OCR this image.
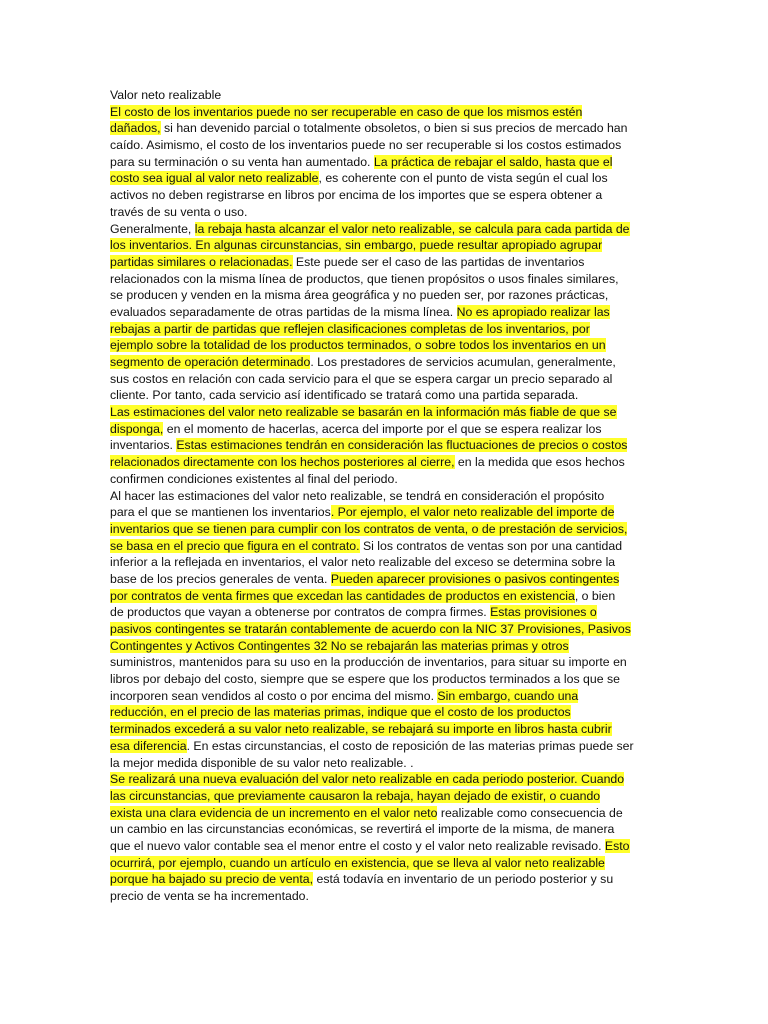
Valor neto realizable
El costo de los inventarios puede no ser recuperable en caso de que los mismos estén
dañados, si han devenido parcial o totalmente obsoletos, o bien si sus precios de mercado han
caído. Asimismo, el costo de los inventarios puede no ser recuperable si los costos estimados
para su terminación o su venta han aumentado. La práctica de rebajar el saldo, hasta que el
costo sea igual al valor neto realizable, es coherente con el punto de vista según el cual los
activos no deben registrarse en libros por encima de los importes que se espera obtener a
través de su venta o uso.
Generalmente, la rebaja hasta alcanzar el valor neto realizable, se calcula para cada partida de
los inventarios. En algunas circunstancias, sin embargo, puede resultar apropiado agrupar
partidas similares o relacionadas. Este puede ser el caso de las partidas de inventarios
relacionados con la misma línea de productos, que tienen propósitos o usos finales similares,
se producen y venden en la misma área geográfica y no pueden ser, por razones prácticas,
evaluados separadamente de otras partidas de la misma línea. No es apropiado realizar las
rebajas a partir de partidas que reflejen clasificaciones completas de los inventarios, por
ejemplo sobre la totalidad de los productos terminados, o sobre todos los inventarios en un
segmento de operación determinado. Los prestadores de servicios acumulan, generalmente,
sus costos en relación con cada servicio para el que se espera cargar un precio separado al
cliente. Por tanto, cada servicio así identificado se tratará como una partida separada.
Las estimaciones del valor neto realizable se basarán en la información más fiable de que se
disponga, en el momento de hacerlas, acerca del importe por el que se espera realizar los
inventarios. Estas estimaciones tendrán en consideración las fluctuaciones de precios o costos
relacionados directamente con los hechos posteriores al cierre, en la medida que esos hechos
confirmen condiciones existentes al final del periodo.
Al hacer las estimaciones del valor neto realizable, se tendrá en consideración el propósito
para el que se mantienen los inventarios. Por ejemplo, el valor neto realizable del importe de
inventarios que se tienen para cumplir con los contratos de venta, o de prestación de servicios,
se basa en el precio que figura en el contrato. Si los contratos de ventas son por una cantidad
inferior a la reflejada en inventarios, el valor neto realizable del exceso se determina sobre la
base de los precios generales de venta. Pueden aparecer provisiones o pasivos contingentes
por contratos de venta firmes que excedan las cantidades de productos en existencia, o bien
de productos que vayan a obtenerse por contratos de compra firmes. Estas provisiones o
pasivos contingentes se tratarán contablemente de acuerdo con la NIC 37 Provisiones, Pasivos
Contingentes y Activos Contingentes 32 No se rebajarán las materias primas y otros
suministros, mantenidos para su uso en la producción de inventarios, para situar su importe en
libros por debajo del costo, siempre que se espere que los productos terminados a los que se
incorporen sean vendidos al costo o por encima del mismo. Sin embargo, cuando una
reducción, en el precio de las materias primas, indique que el costo de los productos
terminados excederá a su valor neto realizable, se rebajará su importe en libros hasta cubrir
esa diferencia. En estas circunstancias, el costo de reposición de las materias primas puede ser
la mejor medida disponible de su valor neto realizable. .
Se realizará una nueva evaluación del valor neto realizable en cada periodo posterior. Cuando
las circunstancias, que previamente causaron la rebaja, hayan dejado de existir, o cuando
exista una clara evidencia de un incremento en el valor neto realizable como consecuencia de
un cambio en las circunstancias económicas, se revertirá el importe de la misma, de manera
que el nuevo valor contable sea el menor entre el costo y el valor neto realizable revisado. Esto
ocurrirá, por ejemplo, cuando un artículo en existencia, que se lleva al valor neto realizable
porque ha bajado su precio de venta, está todavía en inventario de un periodo posterior y su
precio de venta se ha incrementado.
